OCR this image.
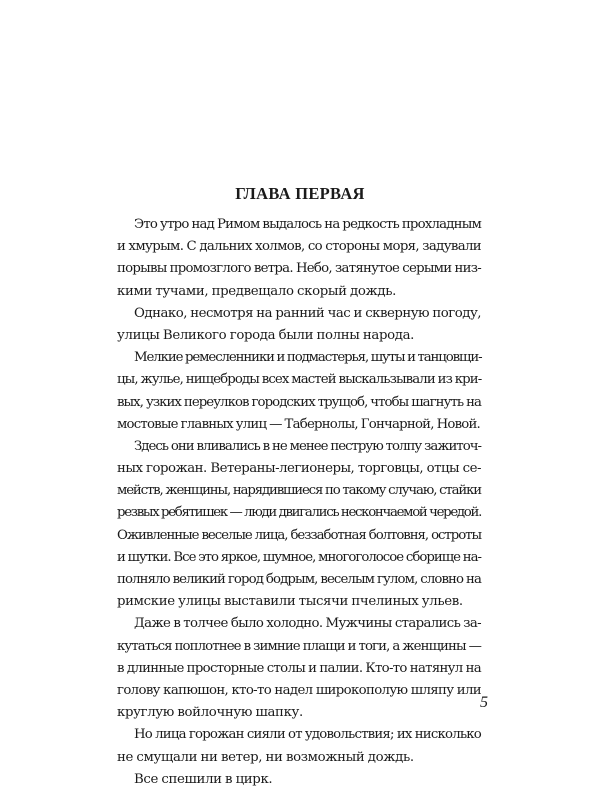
ГЛАВА ПЕРВАЯ
Это утро над Римом выдалось на редкость прохладным
и хмурым. С дальних холмов, со стороны моря, задували
порывы промозглого ветра. Небо, затянутое серыми низ-
кими тучами, предвещало скорый дождь.
Однако, несмотря на ранний час и скверную погоду,
улицы Великого города были полны народа.
Мелкие ремесленники и подмастерья, шуты и танцовщи-
цы, жулье, нищеброды всех мастей выскальзывали из кри-
вых, узких переулков городских трущоб, чтобы шагнуть на
мостовые главных улиц — Табернолы, Гончарной, Новой.
Здесь они вливались в не менее пеструю толпу зажиточ-
ных горожан. Ветераны-легионеры, торговцы, отцы се-
мейств, женщины, нарядившиеся по такому случаю, стайки
резвых ребятишек — люди двигались нескончаемой чередой.
Оживленные веселые лица, беззаботная болтовня, остроты
и шутки. Все это яркое, шумное, многоголосое сборище на-
полняло великий город бодрым, веселым гулом, словно на
римские улицы выставили тысячи пчелиных ульев.
Даже в толчее было холодно. Мужчины старались за-
кутаться поплотнее в зимние плащи и тоги, а женщины —
в длинные просторные столы и палии. Кто-то натянул на
голову капюшон, кто-то надел широкополую шляпу или
круглую войлочную шапку.
Но лица горожан сияли от удовольствия; их нисколько
не смущали ни ветер, ни возможный дождь.
Все спешили в цирк.
5
